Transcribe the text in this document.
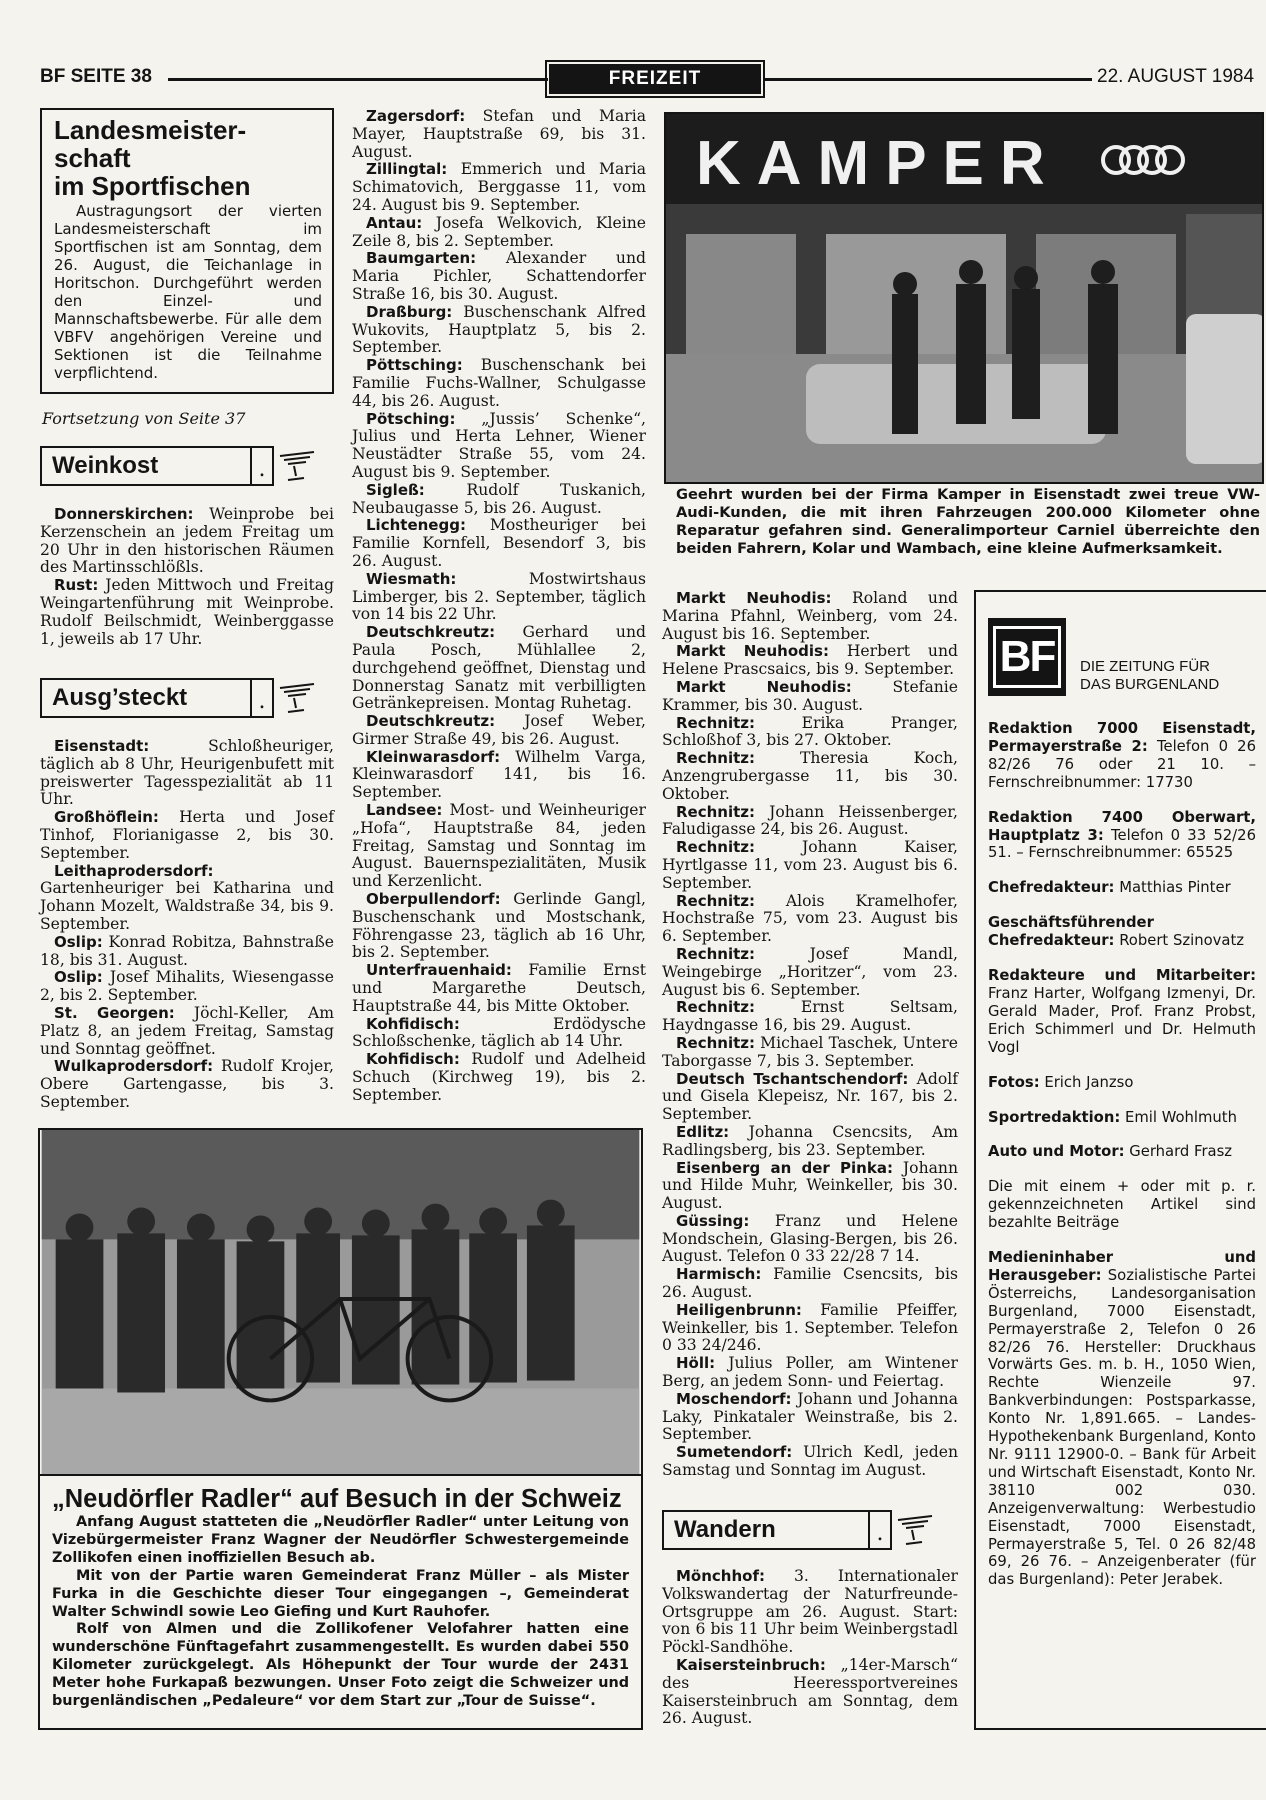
BF SEITE 38	FREIZEIT	22. AUGUST 1984
Landesmeister-
schaft
im Sportfischen
Austragungsort der vierten Landesmeisterschaft im Sportfischen ist am Sonntag, dem 26. August, die Teichanlage in Horitschon. Durchgeführt werden den Einzel- und Mannschaftsbewerbe. Für alle dem VBFV angehörigen Vereine und Sektionen ist die Teilnahme verpflichtend.
Fortsetzung von Seite 37
Weinkost	.

Donnerskirchen: Weinprobe bei Kerzenschein an jedem Freitag um 20 Uhr in den historischen Räumen des Martinsschlößls.

Rust: Jeden Mittwoch und Freitag Weingartenführung mit Weinprobe. Rudolf Beilschmidt, Weinberggasse 1, jeweils ab 17 Uhr.

Ausg’steckt	.

Eisenstadt: Schloßheuriger, täglich ab 8 Uhr, Heurigenbufett mit preiswerter Tagesspezialität ab 11 Uhr.

Großhöflein: Herta und Josef Tinhof, Florianigasse 2, bis 30. September.

Leithaprodersdorf: Gartenheuriger bei Katharina und Johann Mozelt, Waldstraße 34, bis 9. September.

Oslip: Konrad Robitza, Bahnstraße 18, bis 31. August.

Oslip: Josef Mihalits, Wiesengasse 2, bis 2. September.

St. Georgen: Jöchl-Keller, Am Platz 8, an jedem Freitag, Samstag und Sonntag geöffnet.

Wulkaprodersdorf: Rudolf Krojer, Obere Gartengasse, bis 3. September.

Zagersdorf: Stefan und Maria Mayer, Hauptstraße 69, bis 31. August.

Zillingtal: Emmerich und Maria Schimatovich, Berggasse 11, vom 24. August bis 9. September.

Antau: Josefa Welkovich, Kleine Zeile 8, bis 2. September.

Baumgarten: Alexander und Maria Pichler, Schattendorfer Straße 16, bis 30. August.

Draßburg: Buschenschank Alfred Wukovits, Hauptplatz 5, bis 2. September.

Pöttsching: Buschenschank bei Familie Fuchs-Wallner, Schulgasse 44, bis 26. August.

Pötsching: „Jussis’ Schenke“, Julius und Herta Lehner, Wiener Neustädter Straße 55, vom 24. August bis 9. September.

Sigleß: Rudolf Tuskanich, Neubaugasse 5, bis 26. August.

Lichtenegg: Mostheuriger bei Familie Kornfell, Besendorf 3, bis 26. August.

Wiesmath: Mostwirtshaus Limberger, bis 2. September, täglich von 14 bis 22 Uhr.

Deutschkreutz: Gerhard und Paula Posch, Mühlallee 2, durchgehend geöffnet, Dienstag und Donnerstag Sanatz mit verbilligten Getränkepreisen. Montag Ruhetag.

Deutschkreutz: Josef Weber, Girmer Straße 49, bis 26. August.

Kleinwarasdorf: Wilhelm Varga, Kleinwarasdorf 141, bis 16. September.

Landsee: Most- und Weinheuriger „Hofa“, Hauptstraße 84, jeden Freitag, Samstag und Sonntag im August. Bauernspezialitäten, Musik und Kerzenlicht.

Oberpullendorf: Gerlinde Gangl, Buschenschank und Mostschank, Föhrengasse 23, täglich ab 16 Uhr, bis 2. September.

Unterfrauenhaid: Familie Ernst und Margarethe Deutsch, Hauptstraße 44, bis Mitte Oktober.

Kohfidisch: Erdödysche Schloßschenke, täglich ab 14 Uhr.

Kohfidisch: Rudolf und Adelheid Schuch (Kirchweg 19), bis 2. September.

KAMPER
Geehrt wurden bei der Firma Kamper in Eisenstadt zwei treue VW-Audi-Kunden, die mit ihren Fahrzeugen 200.000 Kilometer ohne Reparatur gefahren sind. Generalimporteur Carniel überreichte den beiden Fahrern, Kolar und Wambach, eine kleine Aufmerksamkeit.

Markt Neuhodis: Roland und Marina Pfahnl, Weinberg, vom 24. August bis 16. September.

Markt Neuhodis: Herbert und Helene Prascsaics, bis 9. September.

Markt Neuhodis: Stefanie Krammer, bis 30. August.

Rechnitz: Erika Pranger, Schloßhof 3, bis 27. Oktober.

Rechnitz: Theresia Koch, Anzengrubergasse 11, bis 30. Oktober.

Rechnitz: Johann Heissenberger, Faludigasse 24, bis 26. August.

Rechnitz: Johann Kaiser, Hyrtlgasse 11, vom 23. August bis 6. September.

Rechnitz: Alois Kramelhofer, Hochstraße 75, vom 23. August bis 6. September.

Rechnitz: Josef Mandl, Weingebirge „Horitzer“, vom 23. August bis 6. September.

Rechnitz: Ernst Seltsam, Haydngasse 16, bis 29. August.

Rechnitz: Michael Taschek, Untere Taborgasse 7, bis 3. September.

Deutsch Tschantschendorf: Adolf und Gisela Klepeisz, Nr. 167, bis 2. September.

Edlitz: Johanna Csencsits, Am Radlingsberg, bis 23. September.

Eisenberg an der Pinka: Johann und Hilde Muhr, Weinkeller, bis 30. August.

Güssing: Franz und Helene Mondschein, Glasing-Bergen, bis 26. August. Telefon 0 33 22/28 7 14.

Harmisch: Familie Csencsits, bis 26. August.

Heiligenbrunn: Familie Pfeiffer, Weinkeller, bis 1. September. Telefon 0 33 24/246.

Höll: Julius Poller, am Wintener Berg, an jedem Sonn- und Feiertag.

Moschendorf: Johann und Johanna Laky, Pinkataler Weinstraße, bis 2. September.

Sumetendorf: Ulrich Kedl, jeden Samstag und Sonntag im August.

Wandern	.

Mönchhof: 3. Internationaler Volkswandertag der Naturfreunde-Ortsgruppe am 26. August. Start: von 6 bis 11 Uhr beim Weinbergstadl Pöckl-Sandhöhe.

Kaisersteinbruch: „14er-Marsch“ des Heeressportvereines Kaisersteinbruch am Sonntag, dem 26. August.

„Neudörfler Radler“ auf Besuch in der Schweiz

Anfang August statteten die „Neudörfler Radler“ unter Leitung von Vizebürgermeister Franz Wagner der Neudörfler Schwestergemeinde Zollikofen einen inoffiziellen Besuch ab.

Mit von der Partie waren Gemeinderat Franz Müller – als Mister Furka in die Geschichte dieser Tour eingegangen –, Gemeinderat Walter Schwindl sowie Leo Giefing und Kurt Rauhofer.

Rolf von Almen und die Zollikofener Velofahrer hatten eine wunderschöne Fünftagefahrt zusammengestellt. Es wurden dabei 550 Kilometer zurückgelegt. Als Höhepunkt der Tour wurde der 2431 Meter hohe Furkapaß bezwungen. Unser Foto zeigt die Schweizer und burgenländischen „Pedaleure“ vor dem Start zur „Tour de Suisse“.

BF	DIE ZEITUNG FÜR
DAS BURGENLAND

Redaktion 7000 Eisenstadt, Permayerstraße 2: Telefon 0 26 82/26 76 oder 21 10. – Fernschreibnummer: 17730

Redaktion 7400 Oberwart, Hauptplatz 3: Telefon 0 33 52/26 51. – Fernschreibnummer: 65525

Chefredakteur: Matthias Pinter

Geschäftsführender Chefredakteur: Robert Szinovatz

Redakteure und Mitarbeiter: Franz Harter, Wolfgang Izmenyi, Dr. Gerald Mader, Prof. Franz Probst, Erich Schimmerl und Dr. Helmuth Vogl

Fotos: Erich Janzso

Sportredaktion: Emil Wohlmuth

Auto und Motor: Gerhard Frasz

Die mit einem + oder mit p. r. gekennzeichneten Artikel sind bezahlte Beiträge

Medieninhaber und Herausgeber: Sozialistische Partei Österreichs, Landesorganisation Burgenland, 7000 Eisenstadt, Permayerstraße 2, Telefon 0 26 82/26 76. Hersteller: Druckhaus Vorwärts Ges. m. b. H., 1050 Wien, Rechte Wienzeile 97. Bankverbindungen: Postsparkasse, Konto Nr. 1,891.665. – Landes-Hypothekenbank Burgenland, Konto Nr. 9111 12900-0. – Bank für Arbeit und Wirtschaft Eisenstadt, Konto Nr. 38110 002 030. Anzeigenverwaltung: Werbestudio Eisenstadt, 7000 Eisenstadt, Permayerstraße 5, Tel. 0 26 82/48 69, 26 76. – Anzeigenberater (für das Burgenland): Peter Jerabek.
